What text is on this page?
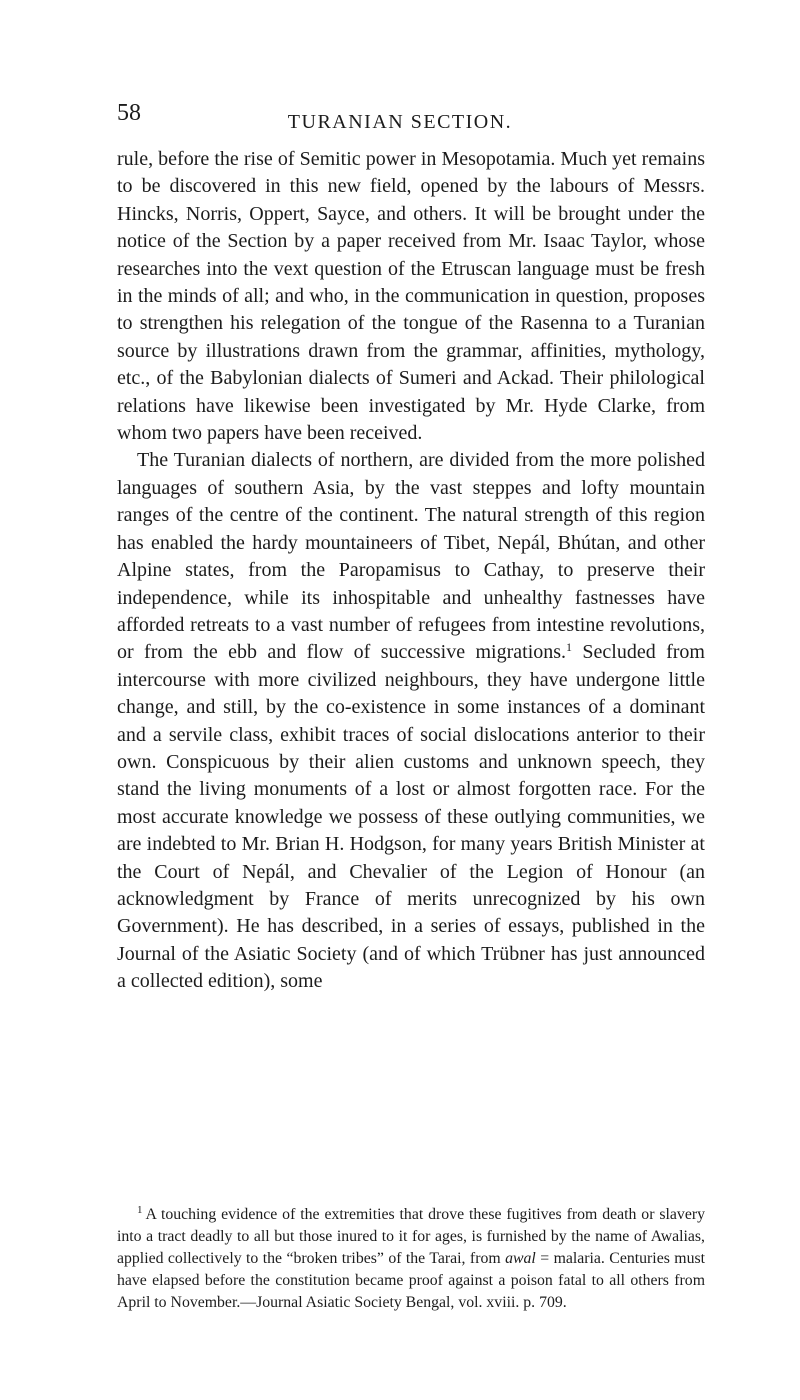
58	TURANIAN SECTION.

rule, before the rise of Semitic power in Mesopotamia. Much yet remains to be discovered in this new field, opened by the labours of Messrs. Hincks, Norris, Oppert, Sayce, and others. It will be brought under the notice of the Section by a paper received from Mr. Isaac Taylor, whose researches into the vext question of the Etruscan language must be fresh in the minds of all; and who, in the communication in question, proposes to strengthen his relegation of the tongue of the Rasenna to a Turanian source by illustrations drawn from the grammar, affinities, mythology, etc., of the Babylonian dialects of Sumeri and Ackad. Their philological relations have likewise been investigated by Mr. Hyde Clarke, from whom two papers have been received.

The Turanian dialects of northern, are divided from the more polished languages of southern Asia, by the vast steppes and lofty mountain ranges of the centre of the continent. The natural strength of this region has enabled the hardy mountaineers of Tibet, Nepál, Bhútan, and other Alpine states, from the Paropamisus to Cathay, to preserve their independence, while its inhospitable and unhealthy fastnesses have afforded retreats to a vast number of refugees from intestine revolutions, or from the ebb and flow of successive migrations.$^1$ Secluded from intercourse with more civilized neighbours, they have undergone little change, and still, by the co-existence in some instances of a dominant and a servile class, exhibit traces of social dislocations anterior to their own. Conspicuous by their alien customs and unknown speech, they stand the living monuments of a lost or almost forgotten race. For the most accurate knowledge we possess of these outlying communities, we are indebted to Mr. Brian H. Hodgson, for many years British Minister at the Court of Nepál, and Chevalier of the Legion of Honour (an acknowledgment by France of merits unrecognized by his own Government). He has described, in a series of essays, published in the Journal of the Asiatic Society (and of which Trübner has just announced a collected edition), some

$^1$ A touching evidence of the extremities that drove these fugitives from death or slavery into a tract deadly to all but those inured to it for ages, is furnished by the name of Awalias, applied collectively to the “broken tribes” of the Tarai, from awal = malaria. Centuries must have elapsed before the constitution became proof against a poison fatal to all others from April to November.—Journal Asiatic Society Bengal, vol. xviii. p. 709.
